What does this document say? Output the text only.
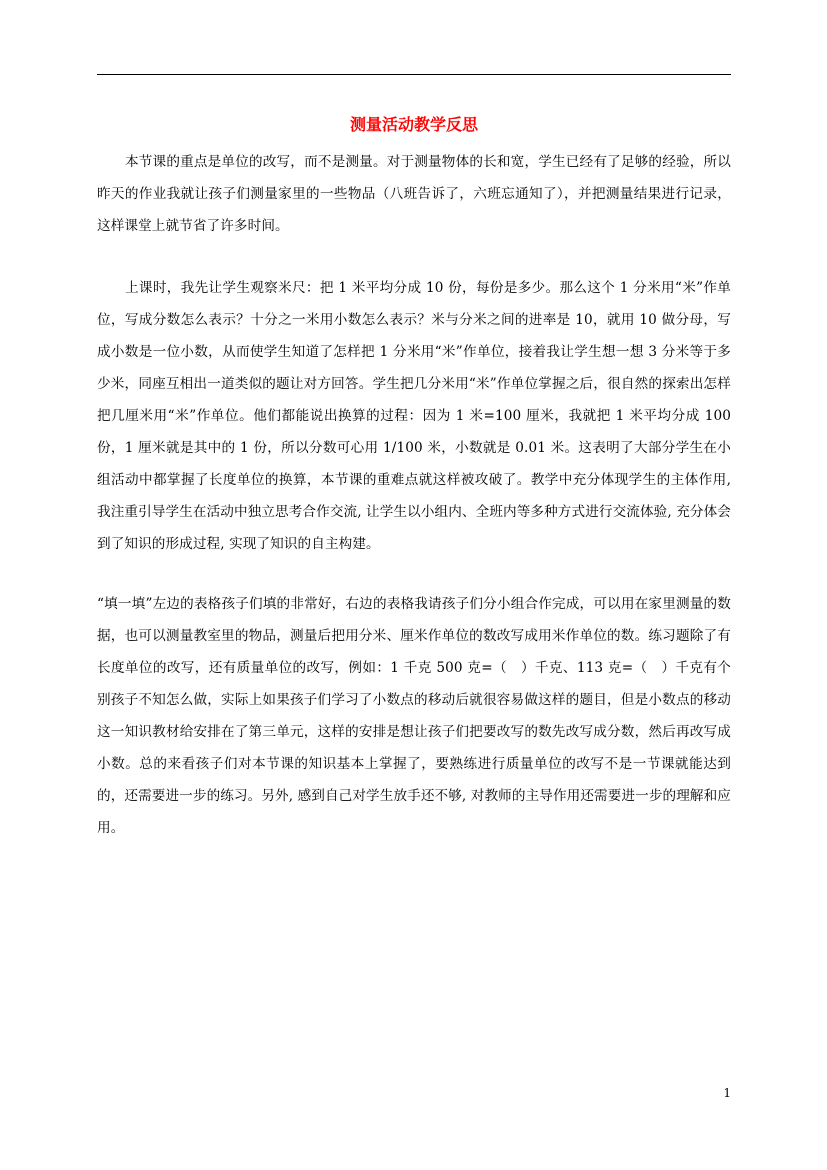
测量活动教学反思

本节课的重点是单位的改写，而不是测量。对于测量物体的长和宽，学生已经有了足够的经验，所以昨天的作业我就让孩子们测量家里的一些物品（八班告诉了，六班忘通知了），并把测量结果进行记录，这样课堂上就节省了许多时间。

上课时，我先让学生观察米尺：把 1 米平均分成 10 份，每份是多少。那么这个 1 分米用“米”作单位，写成分数怎么表示？十分之一米用小数怎么表示？米与分米之间的进率是 10，就用 10 做分母，写成小数是一位小数，从而使学生知道了怎样把 1 分米用“米”作单位，接着我让学生想一想 3 分米等于多少米，同座互相出一道类似的题让对方回答。学生把几分米用“米”作单位掌握之后，很自然的探索出怎样把几厘米用“米”作单位。他们都能说出换算的过程：因为 1 米=100 厘米，我就把 1 米平均分成 100 份，1 厘米就是其中的 1 份，所以分数可心用 1/100 米，小数就是 0.01 米。这表明了大部分学生在小组活动中都掌握了长度单位的换算，本节课的重难点就这样被攻破了。教学中充分体现学生的主体作用, 我注重引导学生在活动中独立思考合作交流, 让学生以小组内、全班内等多种方式进行交流体验, 充分体会到了知识的形成过程, 实现了知识的自主构建。

“填一填”左边的表格孩子们填的非常好，右边的表格我请孩子们分小组合作完成，可以用在家里测量的数据，也可以测量教室里的物品，测量后把用分米、厘米作单位的数改写成用米作单位的数。练习题除了有长度单位的改写，还有质量单位的改写，例如：1 千克 500 克=（　）千克、113 克=（　）千克有个别孩子不知怎么做，实际上如果孩子们学习了小数点的移动后就很容易做这样的题目，但是小数点的移动这一知识教材给安排在了第三单元，这样的安排是想让孩子们把要改写的数先改写成分数，然后再改写成小数。总的来看孩子们对本节课的知识基本上掌握了，要熟练进行质量单位的改写不是一节课就能达到的，还需要进一步的练习。另外, 感到自己对学生放手还不够, 对教师的主导作用还需要进一步的理解和应用。

1
